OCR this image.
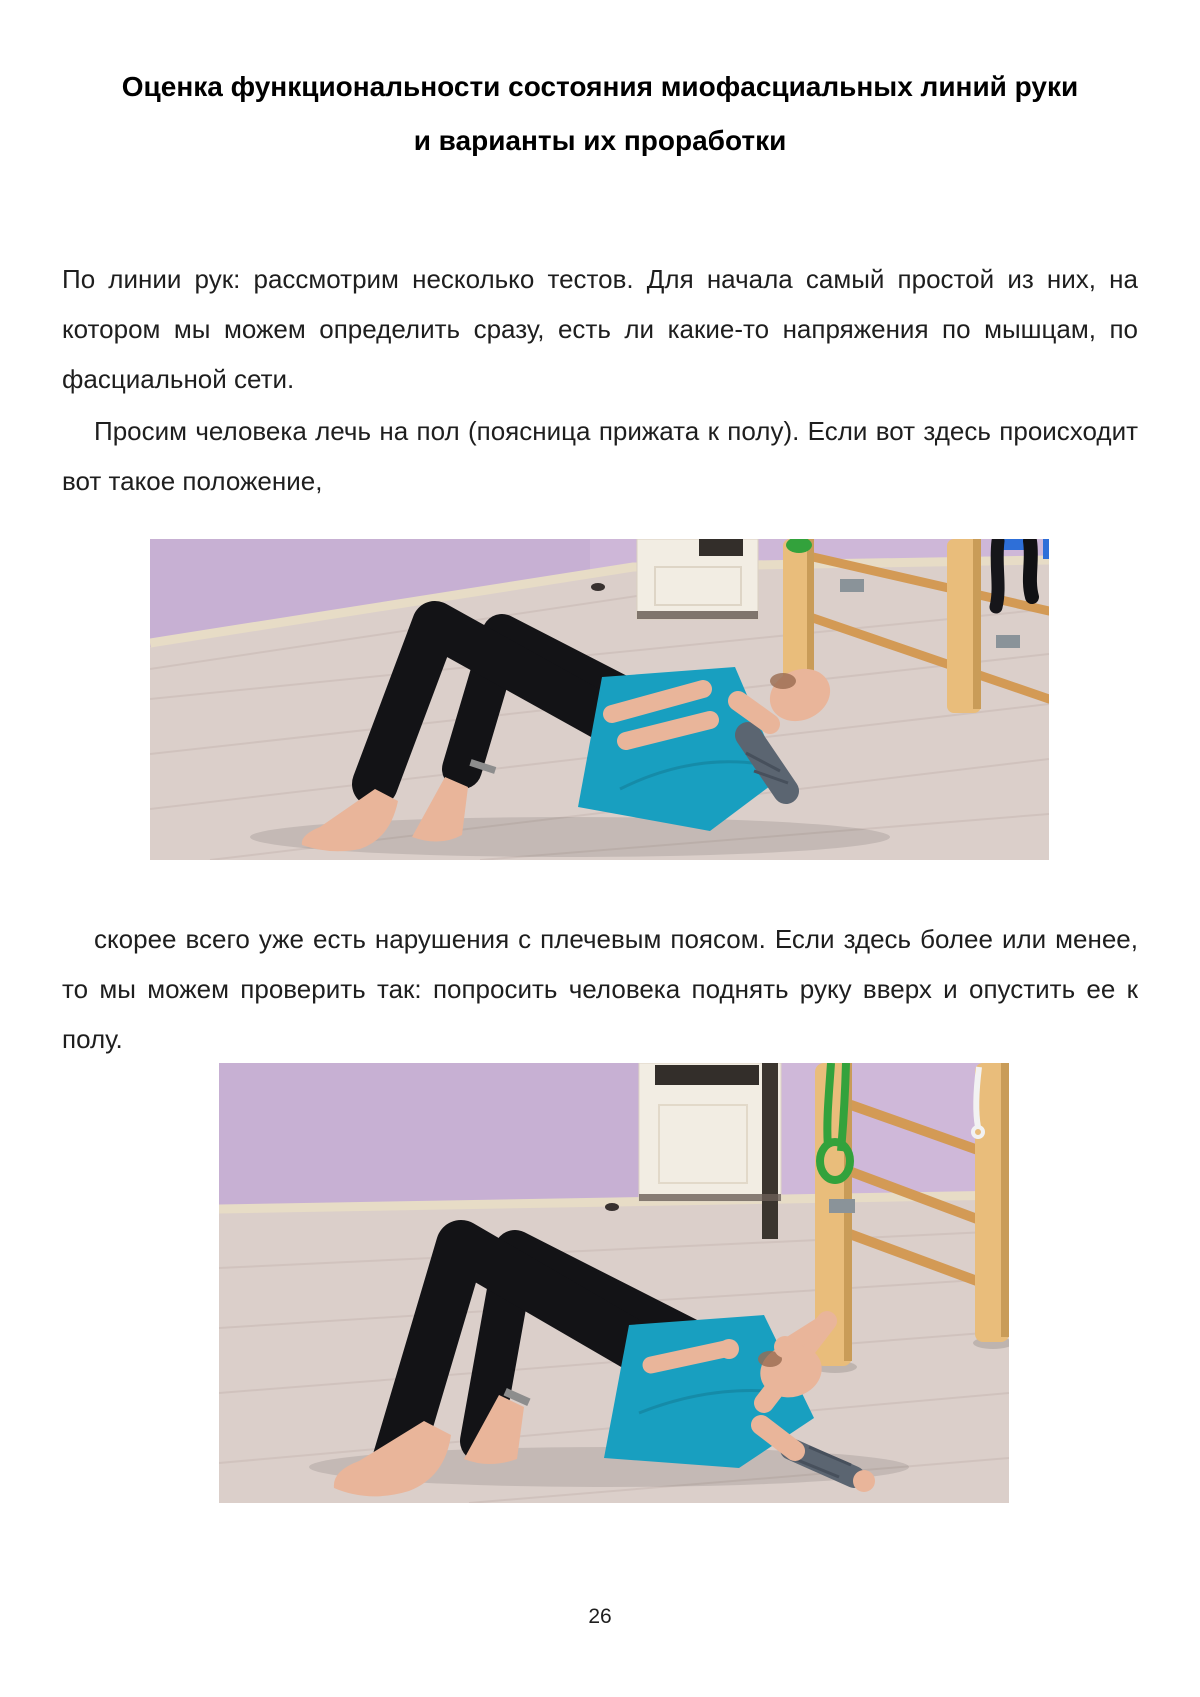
Оценка функциональности состояния миофасциальных линий руки
и варианты их проработки

По линии рук: рассмотрим несколько тестов. Для начала самый простой из них, на котором мы можем определить сразу, есть ли какие-то напряжения по мышцам, по фасциальной сети.

Просим человека лечь на пол (поясница прижата к полу). Если вот здесь происходит вот такое положение,

скорее всего уже есть нарушения с плечевым поясом. Если здесь более или менее, то мы можем проверить так: попросить человека поднять руку вверх и опустить ее к полу.

26
